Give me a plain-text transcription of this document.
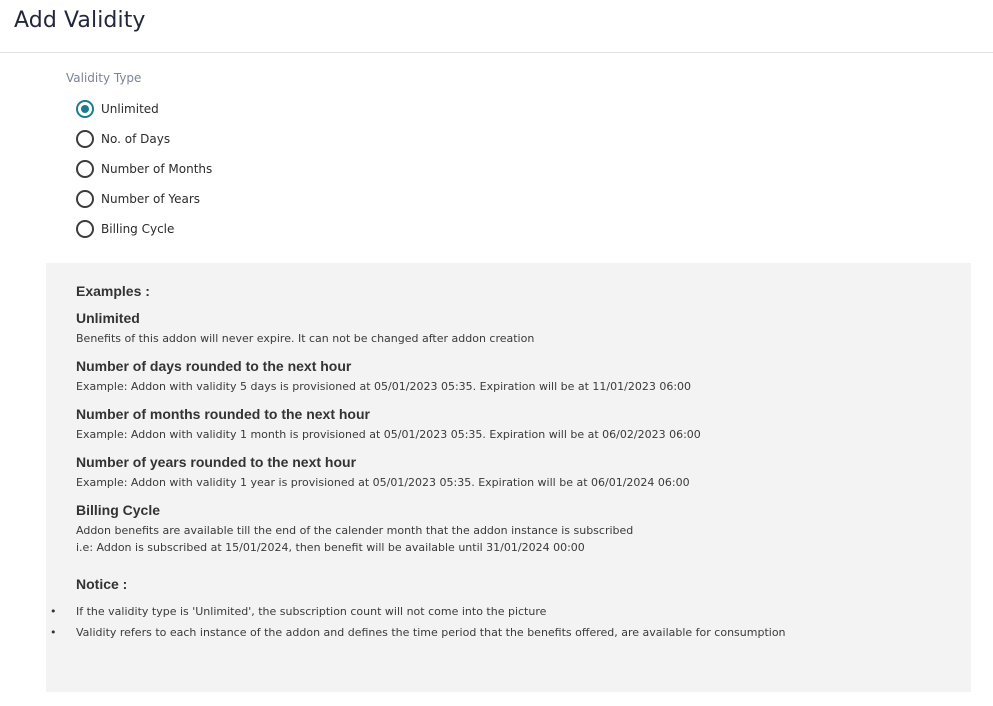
Add Validity
Validity Type
Unlimited
No. of Days
Number of Months
Number of Years
Billing Cycle
Examples :
Unlimited
Benefits of this addon will never expire. It can not be changed after addon creation
Number of days rounded to the next hour
Example: Addon with validity 5 days is provisioned at 05/01/2023 05:35. Expiration will be at 11/01/2023 06:00
Number of months rounded to the next hour
Example: Addon with validity 1 month is provisioned at 05/01/2023 05:35. Expiration will be at 06/02/2023 06:00
Number of years rounded to the next hour
Example: Addon with validity 1 year is provisioned at 05/01/2023 05:35. Expiration will be at 06/01/2024 06:00
Billing Cycle
Addon benefits are available till the end of the calender month that the addon instance is subscribed
i.e: Addon is subscribed at 15/01/2024, then benefit will be available until 31/01/2024 00:00
Notice :
• If the validity type is 'Unlimited', the subscription count will not come into the picture
• Validity refers to each instance of the addon and defines the time period that the benefits offered, are available for consumption
